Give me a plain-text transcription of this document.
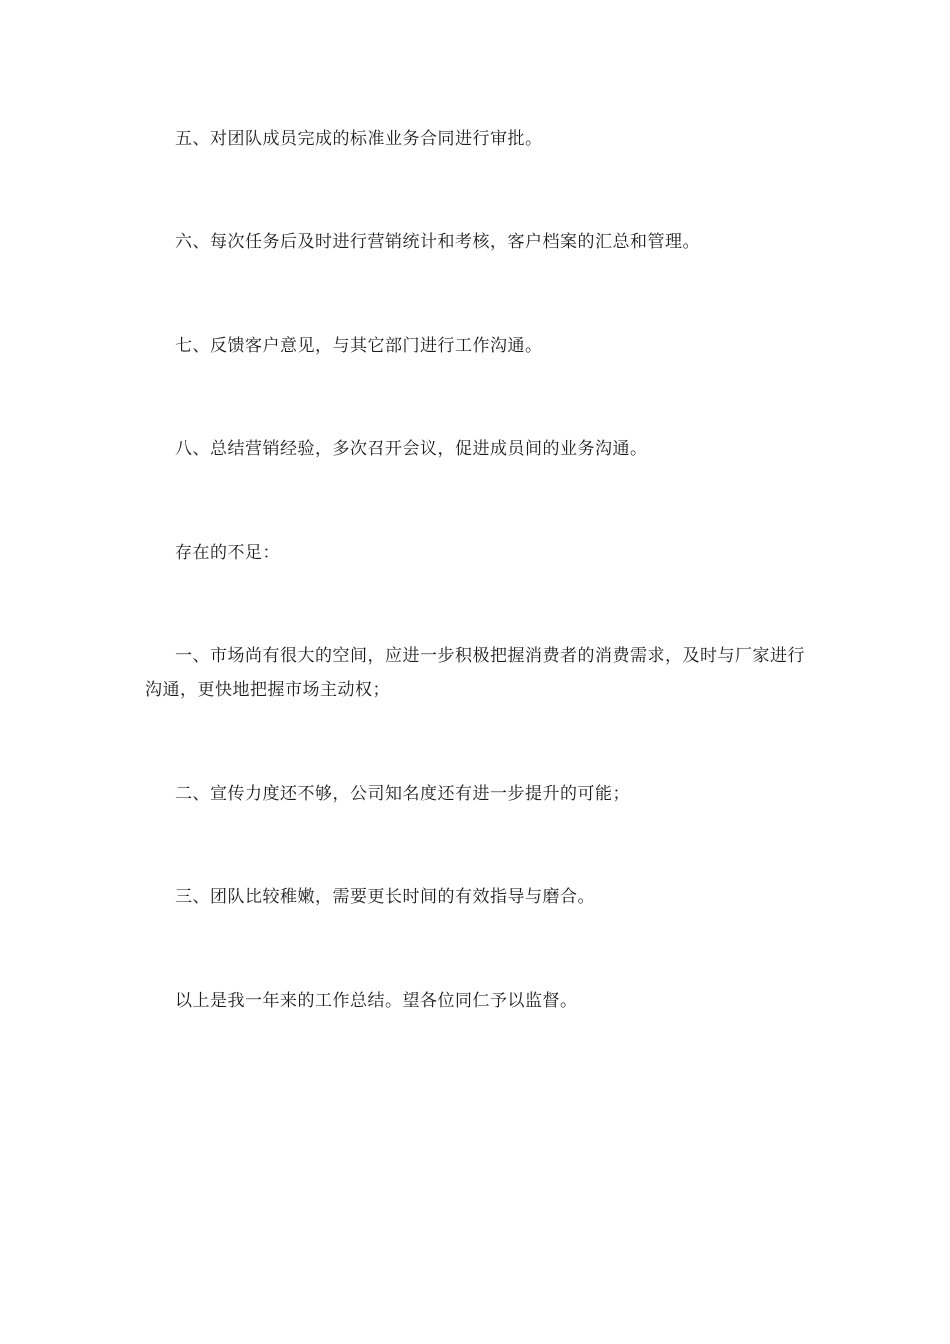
五、对团队成员完成的标准业务合同进行审批。

六、每次任务后及时进行营销统计和考核，客户档案的汇总和管理。

七、反馈客户意见，与其它部门进行工作沟通。

八、总结营销经验，多次召开会议，促进成员间的业务沟通。

存在的不足：

一、市场尚有很大的空间，应进一步积极把握消费者的消费需求，及时与厂家进行沟通，更快地把握市场主动权；

二、宣传力度还不够，公司知名度还有进一步提升的可能；

三、团队比较稚嫩，需要更长时间的有效指导与磨合。

以上是我一年来的工作总结。望各位同仁予以监督。
